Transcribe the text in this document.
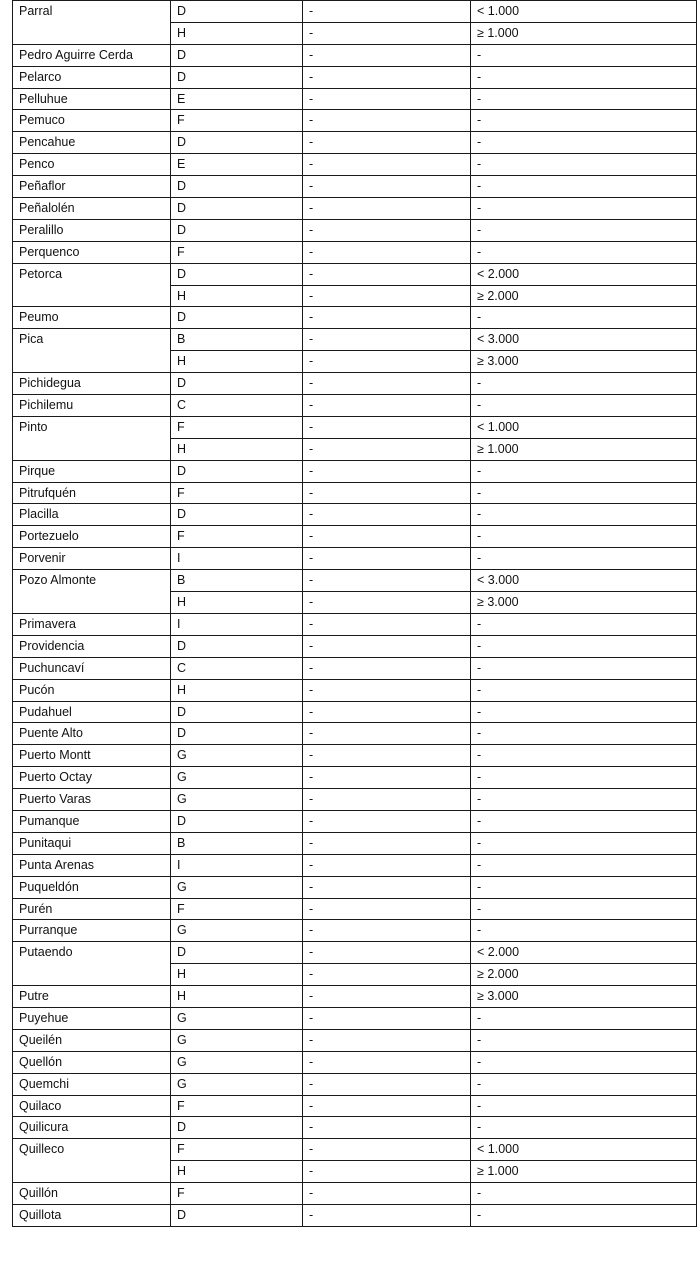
Parral	D	-	< 1.000
	H	-	≥ 1.000
Pedro Aguirre Cerda	D	-	-
Pelarco	D	-	-
Pelluhue	E	-	-
Pemuco	F	-	-
Pencahue	D	-	-
Penco	E	-	-
Peñaflor	D	-	-
Peñalolén	D	-	-
Peralillo	D	-	-
Perquenco	F	-	-
Petorca	D	-	< 2.000
	H	-	≥ 2.000
Peumo	D	-	-
Pica	B	-	< 3.000
	H	-	≥ 3.000
Pichidegua	D	-	-
Pichilemu	C	-	-
Pinto	F	-	< 1.000
	H	-	≥ 1.000
Pirque	D	-	-
Pitrufquén	F	-	-
Placilla	D	-	-
Portezuelo	F	-	-
Porvenir	I	-	-
Pozo Almonte	B	-	< 3.000
	H	-	≥ 3.000
Primavera	I	-	-
Providencia	D	-	-
Puchuncaví	C	-	-
Pucón	H	-	-
Pudahuel	D	-	-
Puente Alto	D	-	-
Puerto Montt	G	-	-
Puerto Octay	G	-	-
Puerto Varas	G	-	-
Pumanque	D	-	-
Punitaqui	B	-	-
Punta Arenas	I	-	-
Puqueldón	G	-	-
Purén	F	-	-
Purranque	G	-	-
Putaendo	D	-	< 2.000
	H	-	≥ 2.000
Putre	H	-	≥ 3.000
Puyehue	G	-	-
Queilén	G	-	-
Quellón	G	-	-
Quemchi	G	-	-
Quilaco	F	-	-
Quilicura	D	-	-
Quilleco	F	-	< 1.000
	H	-	≥ 1.000
Quillón	F	-	-
Quillota	D	-	-
